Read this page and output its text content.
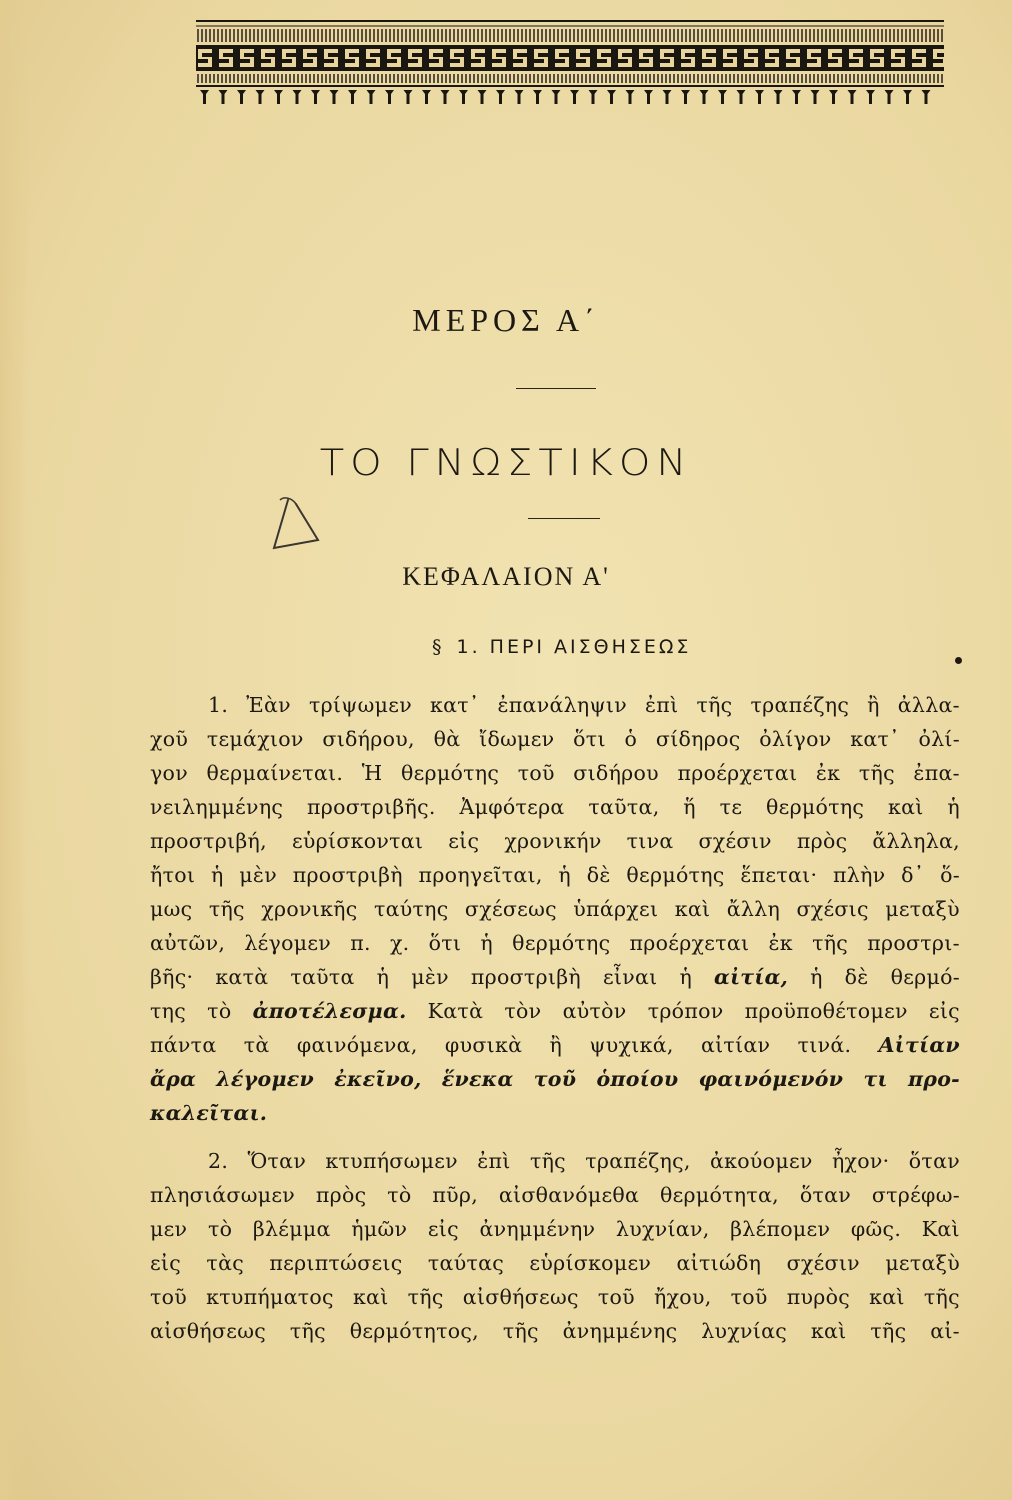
ΜΕΡΟΣ Α΄
ΤΟ ΓΝΩΣΤΙΚΟΝ
ΚΕΦΑΛΑΙΟΝ Α'
§ 1. ΠΕΡΙ ΑΙΣΘΗΣΕΩΣ
1. Ἐὰν τρίψωμεν κατ᾽ ἐπανάληψιν ἐπὶ τῆς τραπέζης ἢ ἀλλα-
χοῦ τεμάχιον σιδήρου, θὰ ἴδωμεν ὅτι ὁ σίδηρος ὀλίγον κατ᾽ ὀλί-
γον θερμαίνεται. Ἡ θερμότης τοῦ σιδήρου προέρχεται ἐκ τῆς ἐπα-
νειλημμένης προστριβῆς. Ἀμφότερα ταῦτα, ἥ τε θερμότης καὶ ἡ
προστριβή, εὑρίσκονται εἰς χρονικήν τινα σχέσιν πρὸς ἄλληλα,
ἤτοι ἡ μὲν προστριβὴ προηγεῖται, ἡ δὲ θερμότης ἕπεται· πλὴν δ᾽ ὅ-
μως τῆς χρονικῆς ταύτης σχέσεως ὑπάρχει καὶ ἄλλη σχέσις μεταξὺ
αὐτῶν, λέγομεν π. χ. ὅτι ἡ θερμότης προέρχεται ἐκ τῆς προστρι-
βῆς· κατὰ ταῦτα ἡ μὲν προστριβὴ εἶναι ἡ αἰτία, ἡ δὲ θερμό-
της τὸ ἀποτέλεσμα. Κατὰ τὸν αὐτὸν τρόπον προϋποθέτομεν εἰς
πάντα τὰ φαινόμενα, φυσικὰ ἢ ψυχικά, αἰτίαν τινά. Αἰτίαν
ἄρα λέγομεν ἐκεῖνο, ἕνεκα τοῦ ὁποίου φαινόμενόν τι προ-
καλεῖται.
2. Ὅταν κτυπήσωμεν ἐπὶ τῆς τραπέζης, ἀκούομεν ἦχον· ὅταν
πλησιάσωμεν πρὸς τὸ πῦρ, αἰσθανόμεθα θερμότητα, ὅταν στρέφω-
μεν τὸ βλέμμα ἡμῶν εἰς ἀνημμένην λυχνίαν, βλέπομεν φῶς. Καὶ
εἰς τὰς περιπτώσεις ταύτας εὑρίσκομεν αἰτιώδη σχέσιν μεταξὺ
τοῦ κτυπήματος καὶ τῆς αἰσθήσεως τοῦ ἤχου, τοῦ πυρὸς καὶ τῆς
αἰσθήσεως τῆς θερμότητος, τῆς ἀνημμένης λυχνίας καὶ τῆς αἰ-
